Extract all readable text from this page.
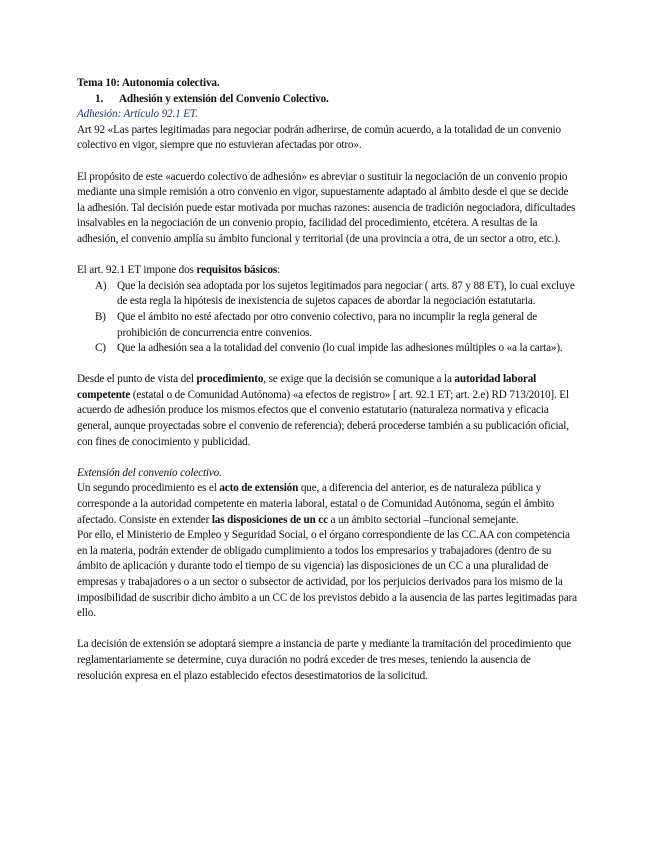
Tema 10: Autonomía colectiva.

1. Adhesión y extensión del Convenio Colectivo.

Adhesión: Artículo 92.1 ET.

Art 92 «Las partes legitimadas para negociar podrán adherirse, de común acuerdo, a la totalidad de un convenio colectivo en vigor, siempre que no estuvieran afectadas por otro».

El propósito de este «acuerdo colectivo de adhesión» es abreviar o sustituir la negociación de un convenio propio mediante una simple remisión a otro convenio en vigor, supuestamente adaptado al ámbito desde el que se decide la adhesión. Tal decisión puede estar motivada por muchas razones: ausencia de tradición negociadora, dificultades insalvables en la negociación de un convenio propio, facilidad del procedimiento, etcétera. A resultas de la adhesión, el convenio amplía su ámbito funcional y territorial (de una provincia a otra, de un sector a otro, etc.).

El art. 92.1 ET impone dos requisitos básicos:

A) Que la decisión sea adoptada por los sujetos legitimados para negociar ( arts. 87 y 88 ET), lo cual excluye de esta regla la hipótesis de inexistencia de sujetos capaces de abordar la negociación estatutaria.
B) Que el ámbito no esté afectado por otro convenio colectivo, para no incumplir la regla general de prohibición de concurrencia entre convenios.
C) Que la adhesión sea a la totalidad del convenio (lo cual impide las adhesiones múltiples o «a la carta»).

Desde el punto de vista del procedimiento, se exige que la decisión se comunique a la autoridad laboral competente (estatal o de Comunidad Autónoma) «a efectos de registro» [ art. 92.1 ET; art. 2.e) RD 713/2010]. El acuerdo de adhesión produce los mismos efectos que el convenio estatutario (naturaleza normativa y eficacia general, aunque proyectadas sobre el convenio de referencia); deberá procederse también a su publicación oficial, con fines de conocimiento y publicidad.

Extensión del convenio colectivo.

Un segundo procedimiento es el acto de extensión que, a diferencia del anterior, es de naturaleza pública y corresponde a la autoridad competente en materia laboral, estatal o de Comunidad Autónoma, según el ámbito afectado. Consiste en extender las disposiciones de un cc a un ámbito sectorial –funcional semejante.

Por ello, el Ministerio de Empleo y Seguridad Social, o el órgano correspondiente de las CC.AA con competencia en la materia, podrán extender de obligado cumplimiento a todos los empresarios y trabajadores (dentro de su ámbito de aplicación y durante todo el tiempo de su vigencia) las disposiciones de un CC a una pluralidad de empresas y trabajadores o a un sector o subsector de actividad, por los perjuicios derivados para los mismo de la imposibilidad de suscribir dicho ámbito a un CC de los previstos debido a la ausencia de las partes legitimadas para ello.

La decisión de extensión se adoptará siempre a instancia de parte y mediante la tramitación del procedimiento que reglamentariamente se determine, cuya duración no podrá exceder de tres meses, teniendo la ausencia de resolución expresa en el plazo establecido efectos desestimatorios de la solicitud.
